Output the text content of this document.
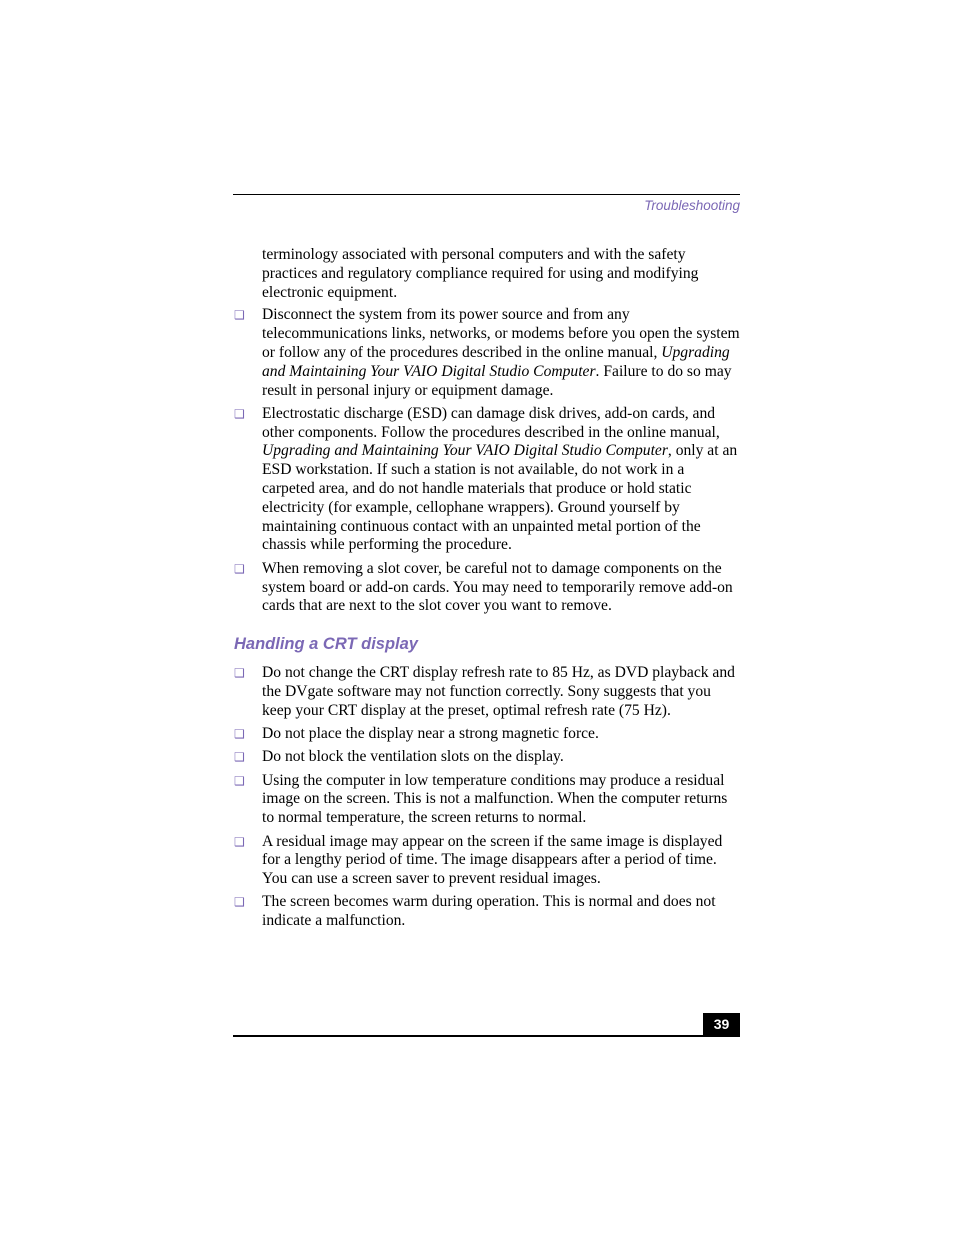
Troubleshooting
terminology associated with personal computers and with the safety practices and regulatory compliance required for using and modifying electronic equipment.
❑ Disconnect the system from its power source and from any telecommunications links, networks, or modems before you open the system or follow any of the procedures described in the online manual, Upgrading and Maintaining Your VAIO Digital Studio Computer. Failure to do so may result in personal injury or equipment damage.
❑ Electrostatic discharge (ESD) can damage disk drives, add-on cards, and other components. Follow the procedures described in the online manual, Upgrading and Maintaining Your VAIO Digital Studio Computer, only at an ESD workstation. If such a station is not available, do not work in a carpeted area, and do not handle materials that produce or hold static electricity (for example, cellophane wrappers). Ground yourself by maintaining continuous contact with an unpainted metal portion of the chassis while performing the procedure.
❑ When removing a slot cover, be careful not to damage components on the system board or add-on cards. You may need to temporarily remove add-on cards that are next to the slot cover you want to remove.
Handling a CRT display
❑ Do not change the CRT display refresh rate to 85 Hz, as DVD playback and the DVgate software may not function correctly. Sony suggests that you keep your CRT display at the preset, optimal refresh rate (75 Hz).
❑ Do not place the display near a strong magnetic force.
❑ Do not block the ventilation slots on the display.
❑ Using the computer in low temperature conditions may produce a residual image on the screen. This is not a malfunction. When the computer returns to normal temperature, the screen returns to normal.
❑ A residual image may appear on the screen if the same image is displayed for a lengthy period of time. The image disappears after a period of time. You can use a screen saver to prevent residual images.
❑ The screen becomes warm during operation. This is normal and does not indicate a malfunction.
39
